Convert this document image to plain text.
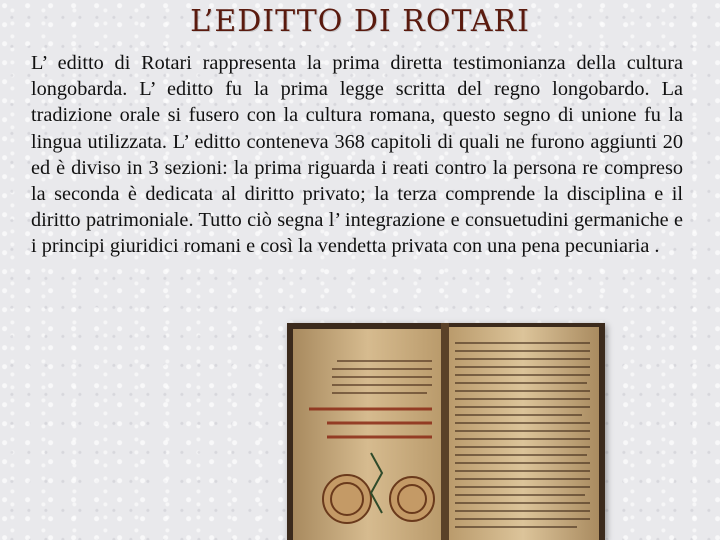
L’EDITTO DI ROTARI

L’ editto di Rotari rappresenta la prima diretta testimonianza della cultura longobarda. L’ editto fu la prima legge scritta del regno longobardo. La tradizione orale si fusero con la cultura romana, questo segno di unione fu la lingua utilizzata. L’ editto conteneva 368 capitoli di quali ne furono aggiunti 20 ed è diviso in 3 sezioni: la prima riguarda i reati contro la persona re compreso la seconda è dedicata al diritto privato; la terza comprende la disciplina e il diritto patrimoniale. Tutto ciò segna l’ integrazione e consuetudini germaniche e i principi giuridici romani e così la vendetta privata con una pena pecuniaria .
